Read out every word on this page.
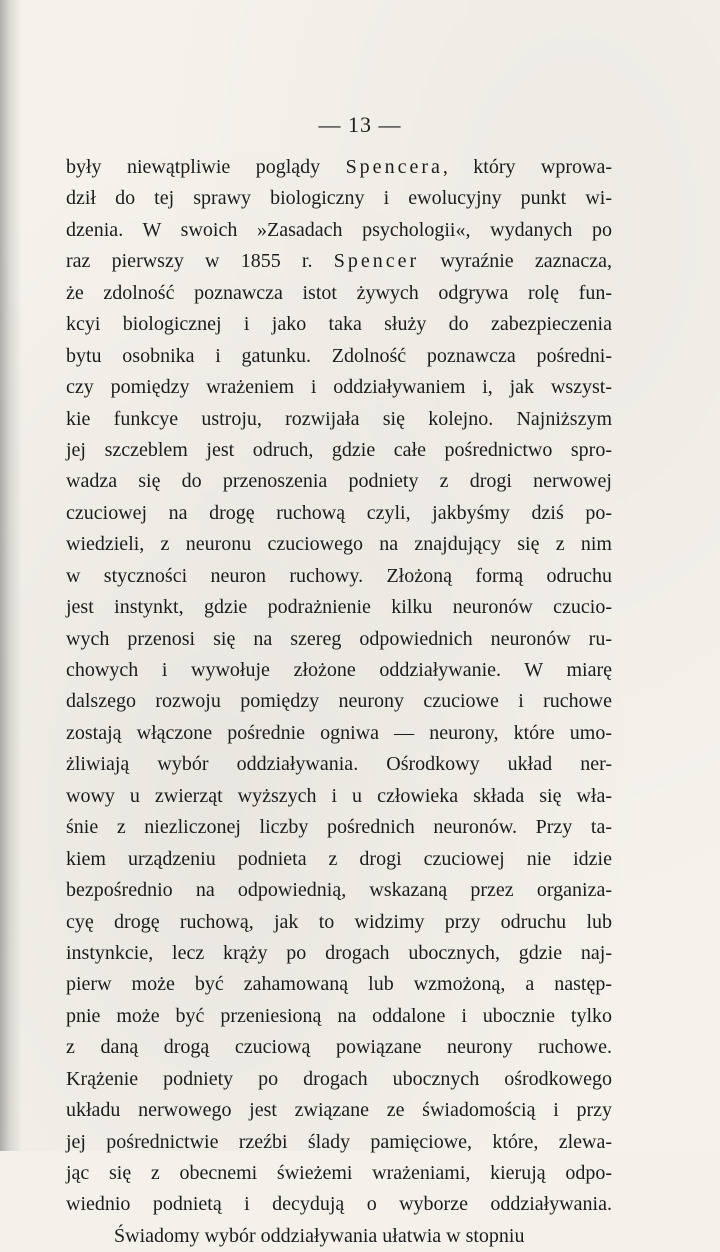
— 13 —
były niewątpliwie poglądy Spencera, który wprowa-
dził do tej sprawy biologiczny i ewolucyjny punkt wi-
dzenia. W swoich »Zasadach psychologii«, wydanych po
raz pierwszy w 1855 r. Spencer wyraźnie zaznacza,
że zdolność poznawcza istot żywych odgrywa rolę fun-
kcyi biologicznej i jako taka służy do zabezpieczenia
bytu osobnika i gatunku. Zdolność poznawcza pośredni-
czy pomiędzy wrażeniem i oddziaływaniem i, jak wszyst-
kie funkcye ustroju, rozwijała się kolejno. Najniższym
jej szczeblem jest odruch, gdzie całe pośrednictwo spro-
wadza się do przenoszenia podniety z drogi nerwowej
czuciowej na drogę ruchową czyli, jakbyśmy dziś po-
wiedzieli, z neuronu czuciowego na znajdujący się z nim
w styczności neuron ruchowy. Złożoną formą odruchu
jest instynkt, gdzie podrażnienie kilku neuronów czucio-
wych przenosi się na szereg odpowiednich neuronów ru-
chowych i wywołuje złożone oddziaływanie. W miarę
dalszego rozwoju pomiędzy neurony czuciowe i ruchowe
zostają włączone pośrednie ogniwa — neurony, które umo-
żliwiają wybór oddziaływania. Ośrodkowy układ ner-
wowy u zwierząt wyższych i u człowieka składa się wła-
śnie z niezliczonej liczby pośrednich neuronów. Przy ta-
kiem urządzeniu podnieta z drogi czuciowej nie idzie
bezpośrednio na odpowiednią, wskazaną przez organiza-
cyę drogę ruchową, jak to widzimy przy odruchu lub
instynkcie, lecz krąży po drogach ubocznych, gdzie naj-
pierw może być zahamowaną lub wzmożoną, a następ-
pnie może być przeniesioną na oddalone i ubocznie tylko
z daną drogą czuciową powiązane neurony ruchowe.
Krążenie podniety po drogach ubocznych ośrodkowego
układu nerwowego jest związane ze świadomością i przy
jej pośrednictwie rzeźbi ślady pamięciowe, które, zlewa-
jąc się z obecnemi świeżemi wrażeniami, kierują odpo-
wiednio podnietą i decydują o wyborze oddziaływania.
Świadomy wybór oddziaływania ułatwia w stopniu
